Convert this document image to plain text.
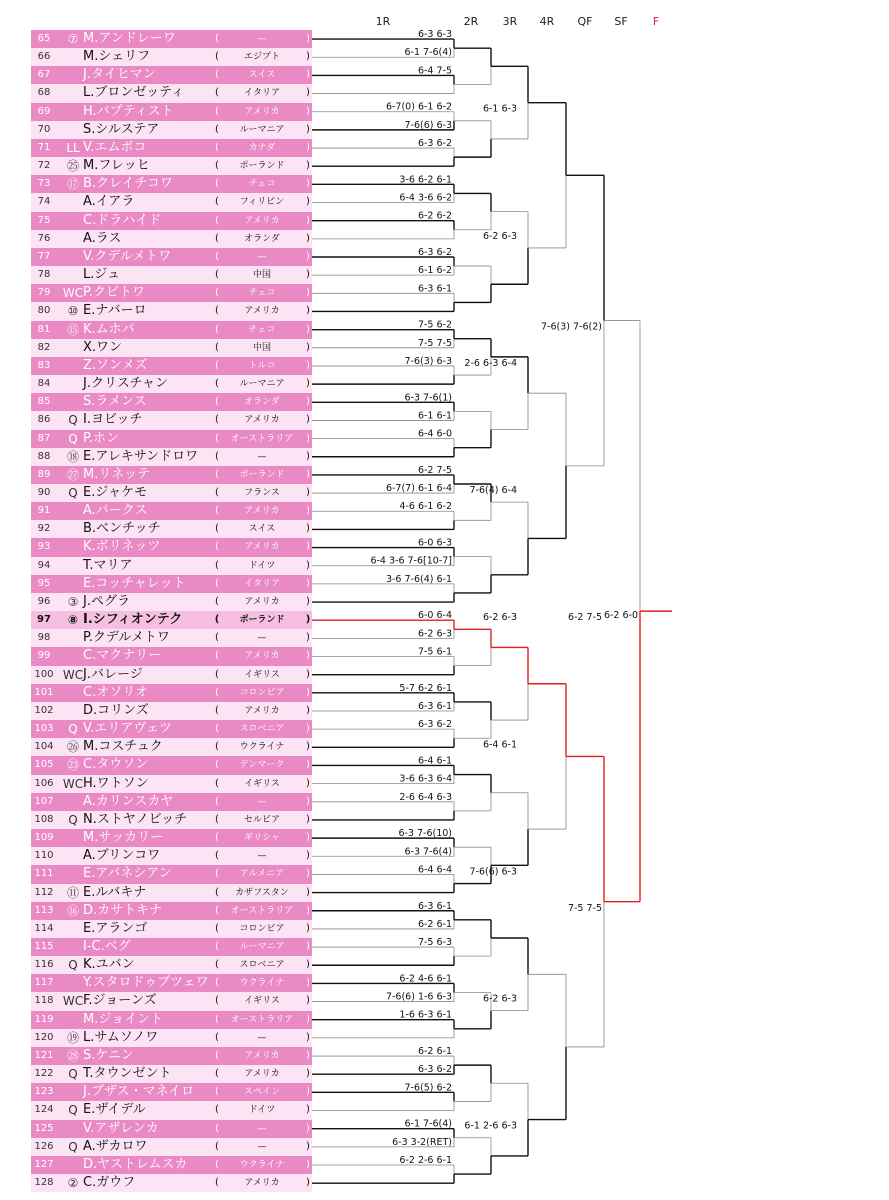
1R	2R	3R	4R	QF	SF	F
65	⑦ M.アンドレーワ	(	—	)
66	M.シェリフ	(	エジプト	)
67	J.タイヒマン	(	スイス	)
68	L.ブロンゼッティ	(	イタリア	)
69	H.バプティスト	(	アメリカ	)
70	S.シルステア	(	ルーマニア	)
71	LL V.エムボコ	(	カナダ	)
72	㉕ M.フレッヒ	(	ポーランド	)
73	⑰ B.クレイチコワ	(	チェコ	)
74	A.イアラ	(	フィリピン	)
75	C.ドラハイド	(	アメリカ	)
76	A.ラス	(	オランダ	)
77	V.クデルメトワ	(	—	)
78	L.ジュ	(	中国	)
79	WC P.クビトワ	(	チェコ	)
80	⑩ E.ナバーロ	(	アメリカ	)
81	⑮ K.ムホバ	(	チェコ	)
82	X.ワン	(	中国	)
83	Z.ソンメズ	(	トルコ	)
84	J.クリスチャン	(	ルーマニア	)
85	S.ラメンス	(	オランダ	)
86	Q I.ヨビッチ	(	アメリカ	)
87	Q P.ホン	(	オーストラリア	)
88	⑱ E.アレキサンドロワ	(	—	)
89	㉗ M.リネッテ	(	ポーランド	)
90	Q E.ジャケモ	(	フランス	)
91	A.パークス	(	アメリカ	)
92	B.ベンチッチ	(	スイス	)
93	K.ボリネッツ	(	アメリカ	)
94	T.マリア	(	ドイツ	)
95	E.コッチャレット	(	イタリア	)
96	③ J.ペグラ	(	アメリカ	)
97	⑧ I.シフィオンテク	(	ポーランド	)
98	P.クデルメトワ	(	—	)
99	C.マクナリー	(	アメリカ	)
100 WC J.バレージ	(	イギリス	)
101 C.オソリオ	(	コロンビア	)
102 D.コリンズ	(	アメリカ	)
103	Q V.エリアヴェツ	(	スロベニア	)
104	㉖ M.コスチュク	(	ウクライナ	)
105	㉓ C.タウソン	(	デンマーク	)
106 WC H.ワトソン	(	イギリス	)
107 A.カリンスカヤ	(	—	)
108	Q N.ストヤノビッチ	(	セルビア	)
109 M.サッカリー	(	ギリシャ	)
110 A.ブリンコワ	(	—	)
111 E.アバネシアン	(	アルメニア	)
112	⑪ E.ルバキナ	(	カザフスタン	)
113	⑯ D.カサトキナ	(	オーストラリア	)
114 E.アランゴ	(	コロンビア	)
115 I-C.ベグ	(	ルーマニア	)
116	Q K.ユバン	(	スロベニア	)
117 Y.スタロドゥブツェワ (	ウクライナ	)
118 WC F.ジョーンズ	(	イギリス	)
119 M.ジョイント	(	オーストラリア	)
120	⑲ L.サムソノワ	(	—	)
121	㉘ S.ケニン	(	アメリカ	)
122	Q T.タウンゼント	(	アメリカ	)
123 J.ブザス・マネイロ	(	スペイン	)
124	Q E.ザイデル	(	ドイツ	)
125 V.アザレンカ	(	—	)
126	Q A.ザカロワ	(	—	)
127 D.ヤストレムスカ	(	ウクライナ	)
128	② C.ガウフ	(	アメリカ	)
6-3 6-3
6-1 7-6(4)
6-4 7-5
6-7(0) 6-1 6-2
7-6(6) 6-3
6-3 6-2
3-6 6-2 6-1
6-4 3-6 6-2
6-2 6-2
6-3 6-2
6-1 6-2
6-3 6-1
7-5 6-2
7-5 7-5
7-6(3) 6-3
6-3 7-6(1)
6-1 6-1
6-4 6-0
6-2 7-5
6-7(7) 6-1 6-4
4-6 6-1 6-2
6-0 6-3
6-4 3-6 7-6[10-7]
3-6 7-6(4) 6-1
6-0 6-4
6-2 6-3
7-5 6-1
5-7 6-2 6-1
6-3 6-1
6-3 6-2
6-4 6-1
3-6 6-3 6-4
2-6 6-4 6-3
6-3 7-6(10)
6-3 7-6(4)
6-4 6-4
6-3 6-1
6-2 6-1
7-5 6-3
6-2 4-6 6-1
7-6(6) 1-6 6-3
1-6 6-3 6-1
6-2 6-1
6-3 6-2
7-6(5) 6-2
6-1 7-6(4)
6-3 3-2(RET)
6-2 2-6 6-1
6-1 6-3
6-2 6-3
2-6 6-3 6-4
7-6(4) 6-4
6-2 6-3
6-4 6-1
7-6(6) 6-3
6-2 6-3
6-1 2-6 6-3
7-6(3) 7-6(2)
6-2 7-5
7-5 7-5
6-2 6-0
